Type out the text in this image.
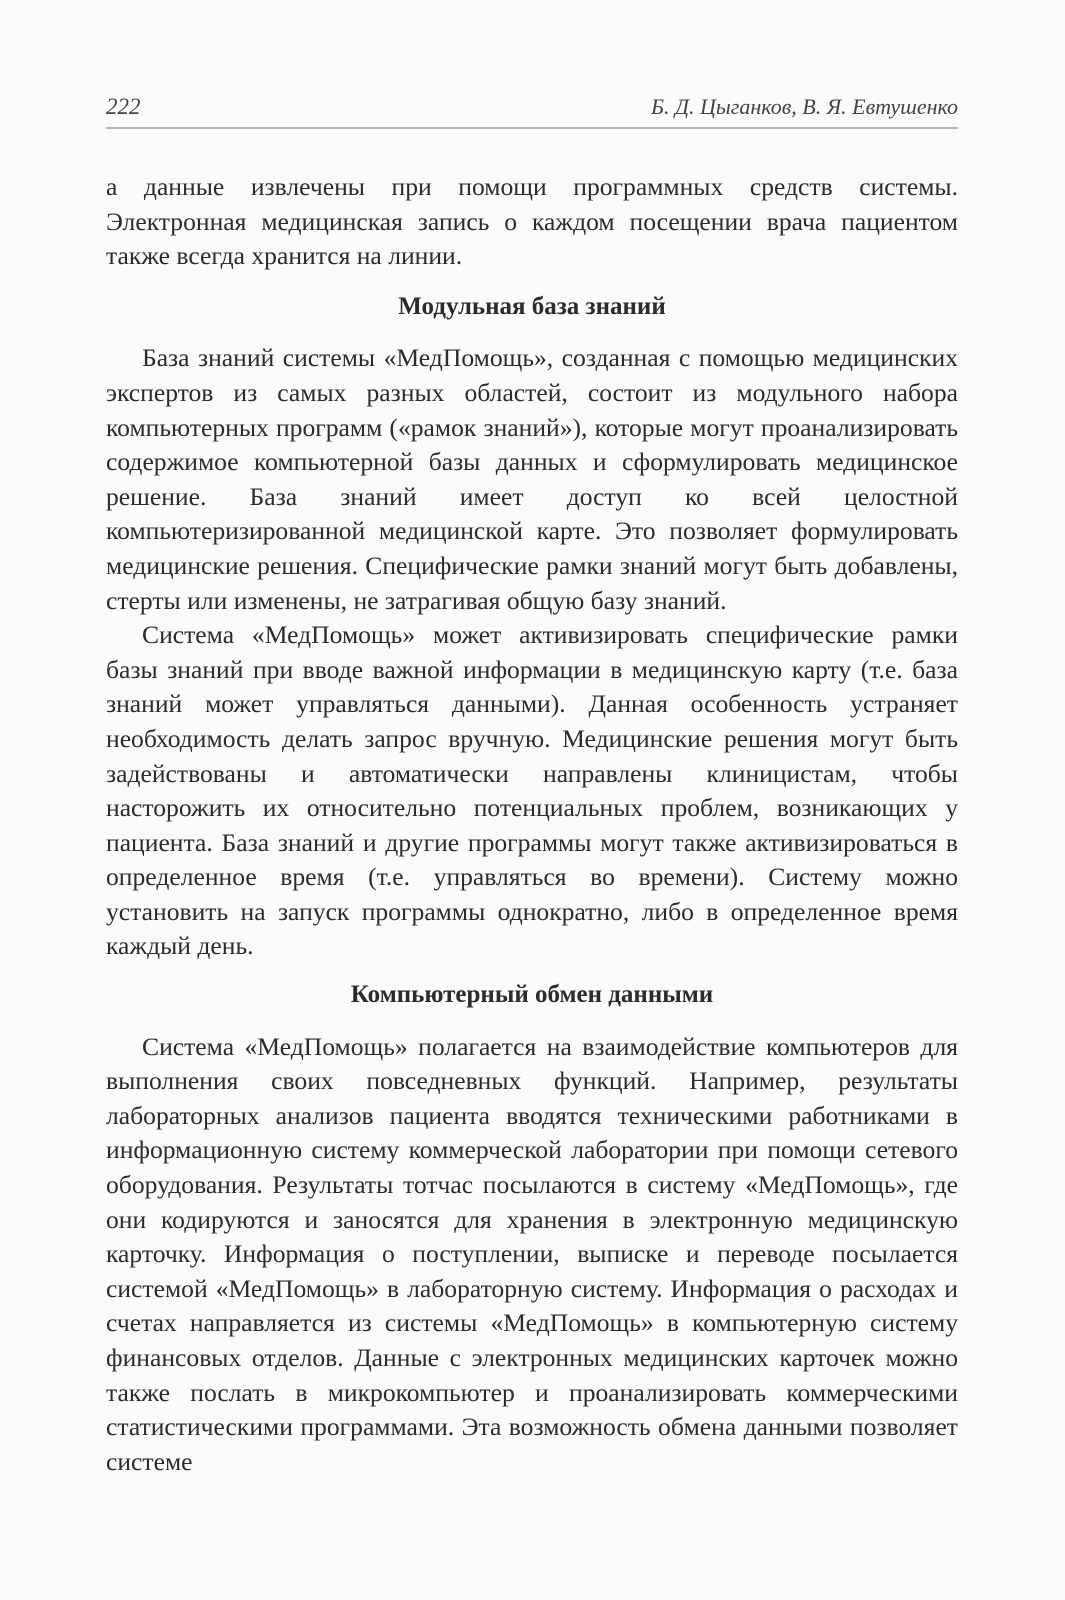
222	Б. Д. Цыганков, В. Я. Евтушенко

а данные извлечены при помощи программных средств системы. Электронная медицинская запись о каждом посещении врача пациентом также всегда хранится на линии.

Модульная база знаний

База знаний системы «МедПомощь», созданная с помощью медицинских экспертов из самых разных областей, состоит из модульного набора компьютерных программ («рамок знаний»), которые могут проанализировать содержимое компьютерной базы данных и сформулировать медицинское решение. База знаний имеет доступ ко всей целостной компьютеризированной медицинской карте. Это позволяет формулировать медицинские решения. Специфические рамки знаний могут быть добавлены, стерты или изменены, не затрагивая общую базу знаний.

Система «МедПомощь» может активизировать специфические рамки базы знаний при вводе важной информации в медицинскую карту (т.е. база знаний может управляться данными). Данная особенность устраняет необходимость делать запрос вручную. Медицинские решения могут быть задействованы и автоматически направлены клиницистам, чтобы насторожить их относительно потенциальных проблем, возникающих у пациента. База знаний и другие программы могут также активизироваться в определенное время (т.е. управляться во времени). Систему можно установить на запуск программы однократно, либо в определенное время каждый день.

Компьютерный обмен данными

Система «МедПомощь» полагается на взаимодействие компьютеров для выполнения своих повседневных функций. Например, результаты лабораторных анализов пациента вводятся техническими работниками в информационную систему коммерческой лаборатории при помощи сетевого оборудования. Результаты тотчас посылаются в систему «МедПомощь», где они кодируются и заносятся для хранения в электронную медицинскую карточку. Информация о поступлении, выписке и переводе посылается системой «МедПомощь» в лабораторную систему. Информация о расходах и счетах направляется из системы «МедПомощь» в компьютерную систему финансовых отделов. Данные с электронных медицинских карточек можно также послать в микрокомпьютер и проанализировать коммерческими статистическими программами. Эта возможность обмена данными позволяет системе
